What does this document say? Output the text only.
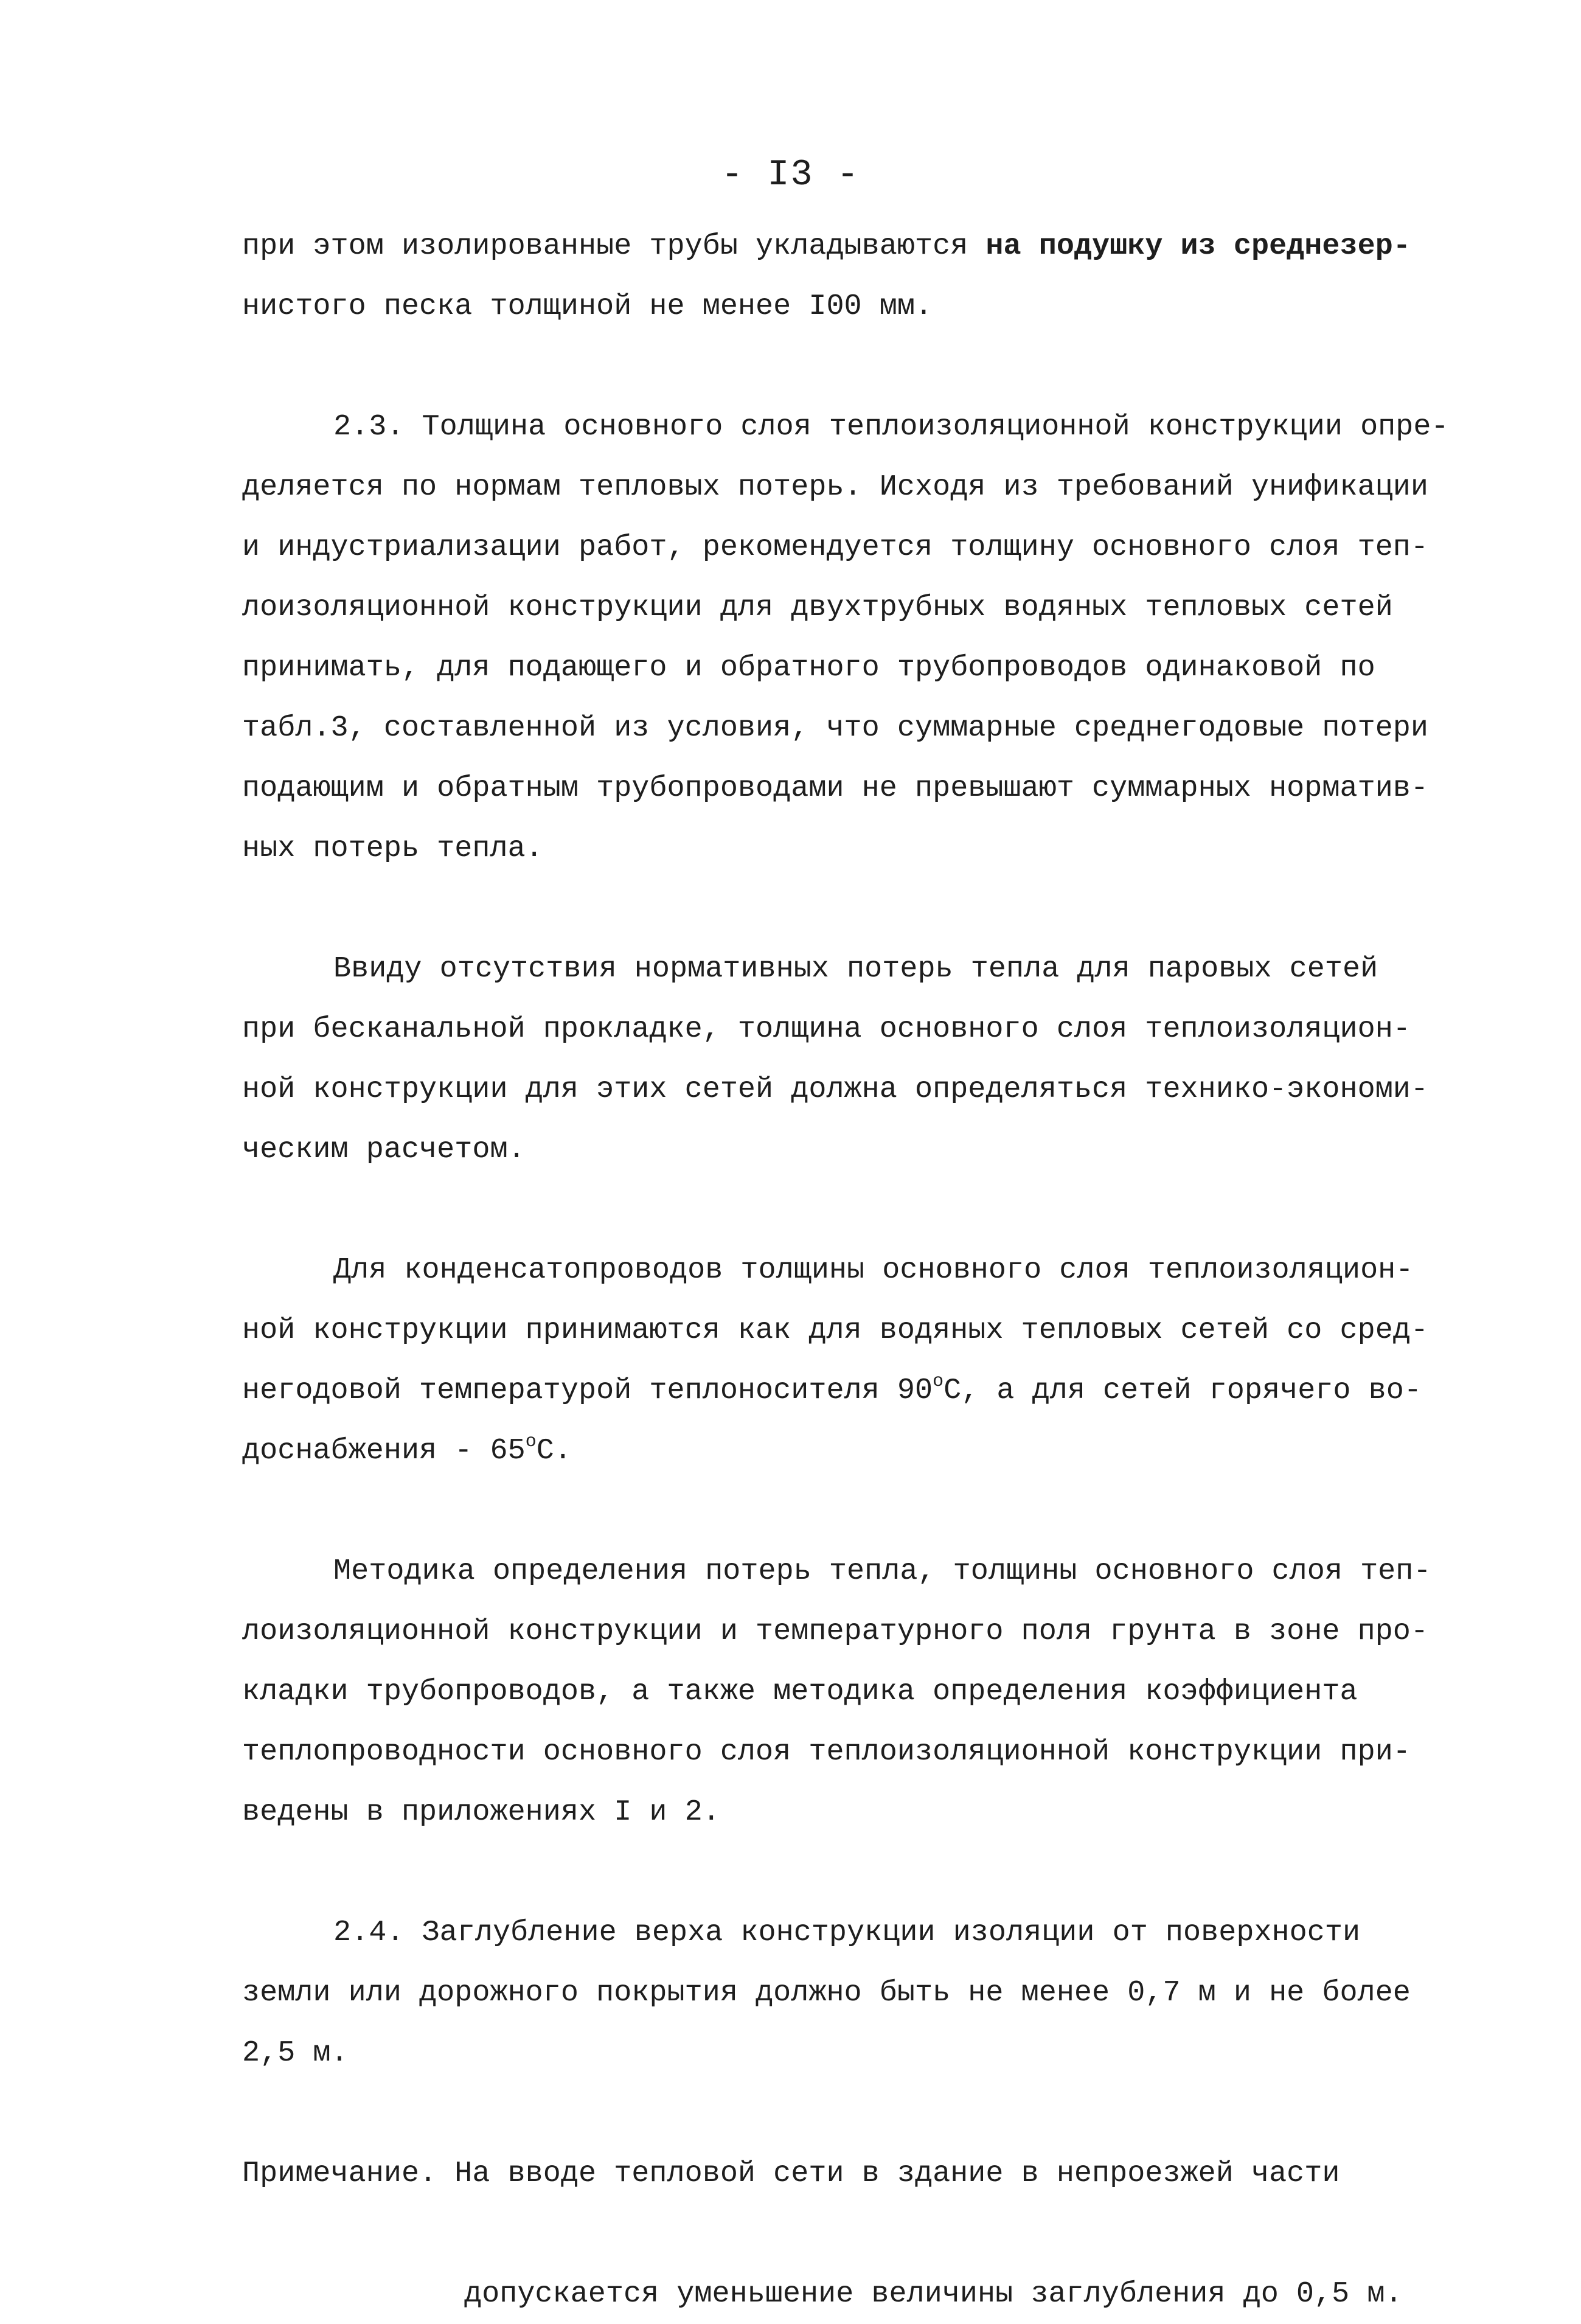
- I3 -
при этом изолированные трубы укладываются на подушку из среднезер-
нистого песка толщиной не менее I00 мм.
2.3. Толщина основного слоя теплоизоляционной конструкции опре-
деляется по нормам тепловых потерь. Исходя из требований унификации
и индустриализации работ, рекомендуется толщину основного слоя теп-
лоизоляционной конструкции для двухтрубных водяных тепловых сетей
принимать, для подающего и обратного трубопроводов одинаковой по
табл.3, составленной из условия, что суммарные среднегодовые потери
подающим и обратным трубопроводами не превышают суммарных норматив-
ных потерь тепла.
Ввиду отсутствия нормативных потерь тепла для паровых сетей
при бесканальной прокладке, толщина основного слоя теплоизоляцион-
ной конструкции для этих сетей должна определяться технико-экономи-
ческим расчетом.
Для конденсатопроводов толщины основного слоя теплоизоляцион-
ной конструкции принимаются как для водяных тепловых сетей со сред-
негодовой температурой теплоносителя 90$^o$С, а для сетей горячего во-
доснабжения - 65$^o$С.
Методика определения потерь тепла, толщины основного слоя теп-
лоизоляционной конструкции и температурного поля грунта в зоне про-
кладки трубопроводов, а также методика определения коэффициента
теплопроводности основного слоя теплоизоляционной конструкции при-
ведены в приложениях I и 2.
2.4. Заглубление верха конструкции изоляции от поверхности
земли или дорожного покрытия должно быть не менее 0,7 м и не более
2,5 м.
Примечание. На вводе тепловой сети в здание в непроезжей части
допускается уменьшение величины заглубления до 0,5 м.
